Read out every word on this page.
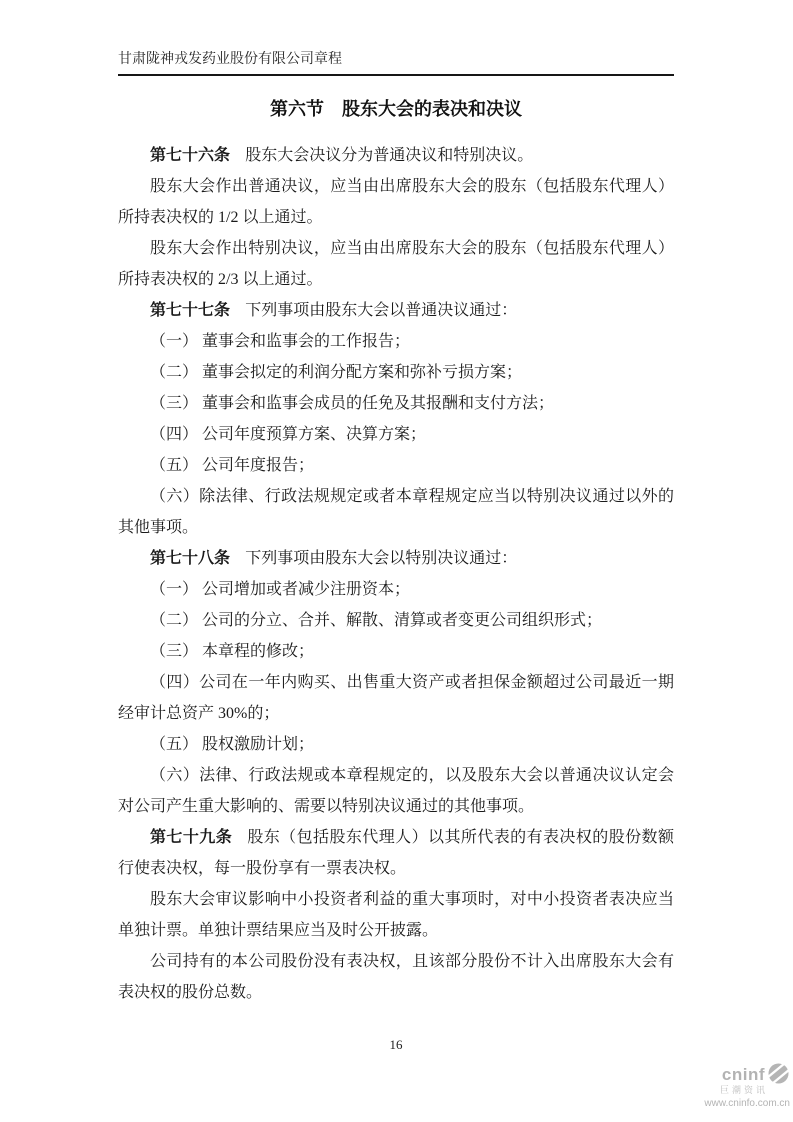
甘肃陇神戎发药业股份有限公司章程
第六节　股东大会的表决和决议

第七十六条 股东大会决议分为普通决议和特别决议。

股东大会作出普通决议，应当由出席股东大会的股东（包括股东代理人）所持表决权的 1/2 以上通过。

股东大会作出特别决议，应当由出席股东大会的股东（包括股东代理人）所持表决权的 2/3 以上通过。

第七十七条 下列事项由股东大会以普通决议通过：

（一） 董事会和监事会的工作报告；

（二） 董事会拟定的利润分配方案和弥补亏损方案；

（三） 董事会和监事会成员的任免及其报酬和支付方法；

（四） 公司年度预算方案、决算方案；

（五） 公司年度报告；

（六）除法律、行政法规规定或者本章程规定应当以特别决议通过以外的其他事项。

第七十八条 下列事项由股东大会以特别决议通过：

（一） 公司增加或者减少注册资本；

（二） 公司的分立、合并、解散、清算或者变更公司组织形式；

（三） 本章程的修改；

（四）公司在一年内购买、出售重大资产或者担保金额超过公司最近一期经审计总资产 30%的；

（五） 股权激励计划；

（六）法律、行政法规或本章程规定的，以及股东大会以普通决议认定会对公司产生重大影响的、需要以特别决议通过的其他事项。

第七十九条 股东（包括股东代理人）以其所代表的有表决权的股份数额行使表决权，每一股份享有一票表决权。

股东大会审议影响中小投资者利益的重大事项时，对中小投资者表决应当单独计票。单独计票结果应当及时公开披露。

公司持有的本公司股份没有表决权，且该部分股份不计入出席股东大会有表决权的股份总数。

16
cninf
巨潮资讯
www.cninfo.com.cn
